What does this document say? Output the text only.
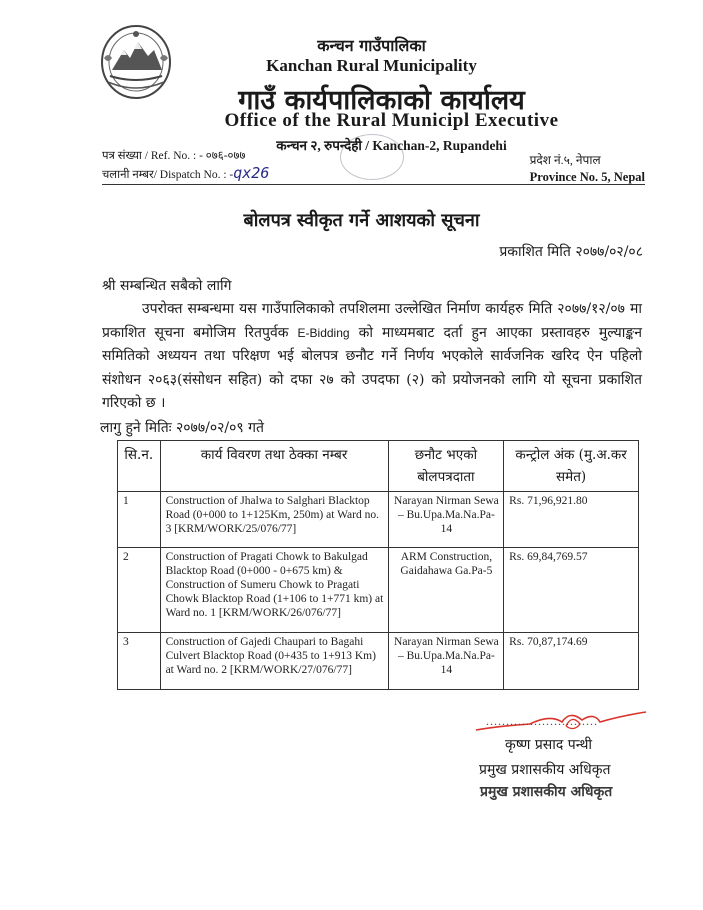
कन्चन गाउँपालिका
Kanchan Rural Municipality
गाउँ कार्यपालिकाको कार्यालय
Office of the Rural Municipl Executive
कन्चन २, रुपन्देही / Kanchan-2, Rupandehi
पत्र संख्या / Ref. No. : - ०७६-०७७
चलानी नम्बर/ Dispatch No. : -qx26
प्रदेश नं.५, नेपाल
Province No. 5, Nepal
बोलपत्र स्वीकृत गर्ने आशयको सूचना
प्रकाशित मिति २०७७/०२/०८
श्री सम्बन्धित सबैको लागि
उपरोक्त सम्बन्धमा यस गाउँपालिकाको तपशिलमा उल्लेखित निर्माण कार्यहरु मिति २०७७/१२/०७ मा प्रकाशित सूचना बमोजिम रितपुर्वक E-Bidding को माध्यमबाट दर्ता हुन आएका प्रस्तावहरु मुल्याङ्कन समितिको अध्ययन तथा परिक्षण भई बोलपत्र छनौट गर्ने निर्णय भएकोले सार्वजनिक खरिद ऐन पहिलो संशोधन २०६३(संसोधन सहित) को दफा २७ को उपदफा (२) को प्रयोजनको लागि यो सूचना प्रकाशित गरिएको छ ।
लागु हुने मितिः २०७७/०२/०९ गते
सि.न.	कार्य विवरण तथा ठेक्का नम्बर	छनौट भएको बोलपत्रदाता	कन्ट्रोल अंक (मु.अ.कर समेत)
1	Construction of Jhalwa to Salghari Blacktop Road (0+000 to 1+125Km, 250m) at Ward no. 3 [KRM/WORK/25/076/77]	Narayan Nirman Sewa – Bu.Upa.Ma.Na.Pa-14	Rs. 71,96,921.80
2	Construction of Pragati Chowk to Bakulgad Blacktop Road (0+000 - 0+675 km) & Construction of Sumeru Chowk to Pragati Chowk Blacktop Road (1+106 to 1+771 km) at Ward no. 1 [KRM/WORK/26/076/77]	ARM Construction, Gaidahawa Ga.Pa-5	Rs. 69,84,769.57
3	Construction of Gajedi Chaupari to Bagahi Culvert Blacktop Road (0+435 to 1+913 Km) at Ward no. 2 [KRM/WORK/27/076/77]	Narayan Nirman Sewa – Bu.Upa.Ma.Na.Pa-14	Rs. 70,87,174.69
............................
कृष्ण प्रसाद पन्थी
प्रमुख प्रशासकीय अधिकृत
प्रमुख प्रशासकीय अधिकृत
